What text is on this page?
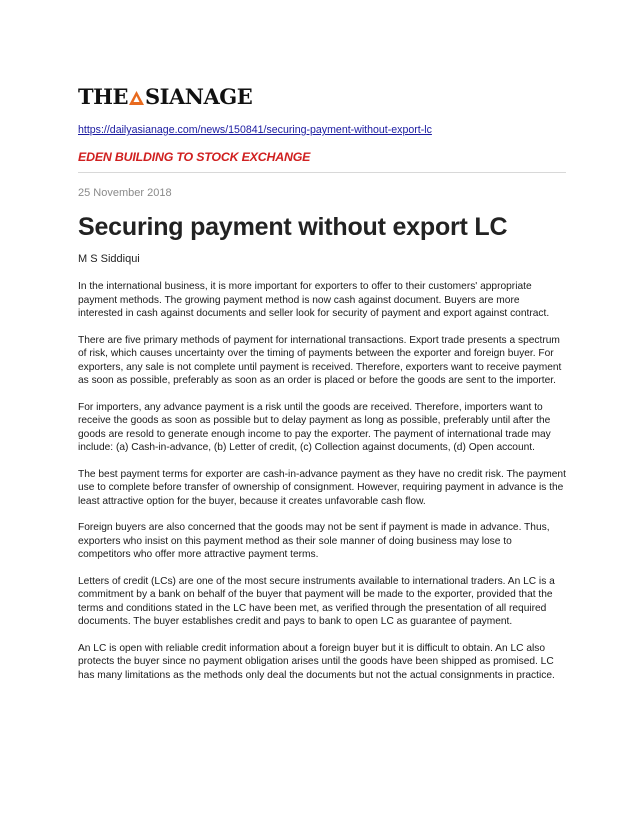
THE SIAN AGE
https://dailyasianage.com/news/150841/securing-payment-without-export-lc
EDEN BUILDING TO STOCK EXCHANGE
25 November 2018
Securing payment without export LC
M S Siddiqui

In the international business, it is more important for exporters to offer to their customers' appropriate payment methods. The growing payment method is now cash against document. Buyers are more interested in cash against documents and seller look for security of payment and export against contract.

There are five primary methods of payment for international transactions. Export trade presents a spectrum of risk, which causes uncertainty over the timing of payments between the exporter and foreign buyer. For exporters, any sale is not complete until payment is received. Therefore, exporters want to receive payment as soon as possible, preferably as soon as an order is placed or before the goods are sent to the importer.

For importers, any advance payment is a risk until the goods are received. Therefore, importers want to receive the goods as soon as possible but to delay payment as long as possible, preferably until after the goods are resold to generate enough income to pay the exporter. The payment of international trade may include: (a) Cash-in-advance, (b) Letter of credit, (c) Collection against documents, (d) Open account.

The best payment terms for exporter are cash-in-advance payment as they have no credit risk. The payment use to complete before transfer of ownership of consignment. However, requiring payment in advance is the least attractive option for the buyer, because it creates unfavorable cash flow.

Foreign buyers are also concerned that the goods may not be sent if payment is made in advance. Thus, exporters who insist on this payment method as their sole manner of doing business may lose to competitors who offer more attractive payment terms.

Letters of credit (LCs) are one of the most secure instruments available to international traders. An LC is a commitment by a bank on behalf of the buyer that payment will be made to the exporter, provided that the terms and conditions stated in the LC have been met, as verified through the presentation of all required documents. The buyer establishes credit and pays to bank to open LC as guarantee of payment.

An LC is open with reliable credit information about a foreign buyer but it is difficult to obtain. An LC also protects the buyer since no payment obligation arises until the goods have been shipped as promised. LC has many limitations as the methods only deal the documents but not the actual consignments in practice.
